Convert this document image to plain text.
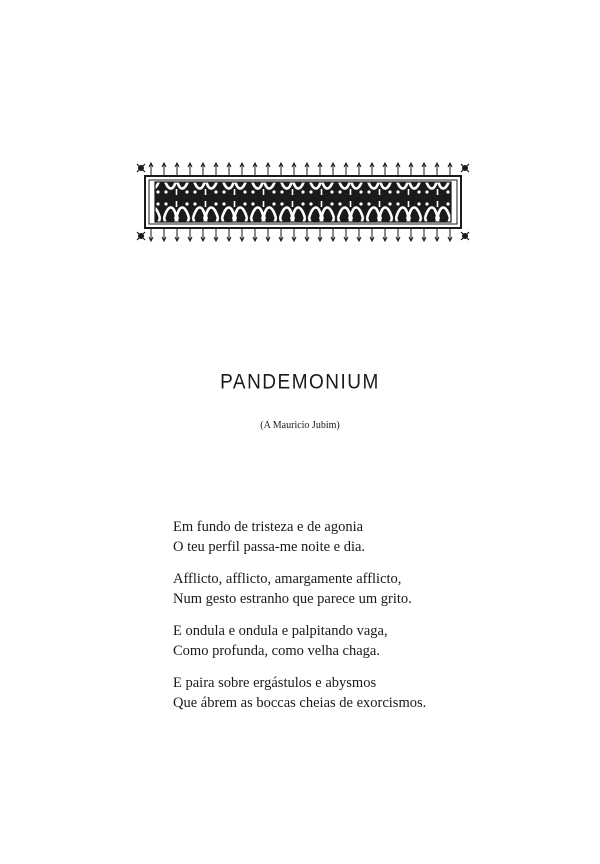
PANDEMONIUM
(A Mauricio Jubim)
Em fundo de tristeza e de agonia
O teu perfil passa-me noite e dia.
Afflicto, afflicto, amargamente afflicto,
Num gesto estranho que parece um grito.
E ondula e ondula e palpitando vaga,
Como profunda, como velha chaga.
E paira sobre ergástulos e abysmos
Que ábrem as boccas cheias de exorcismos.
